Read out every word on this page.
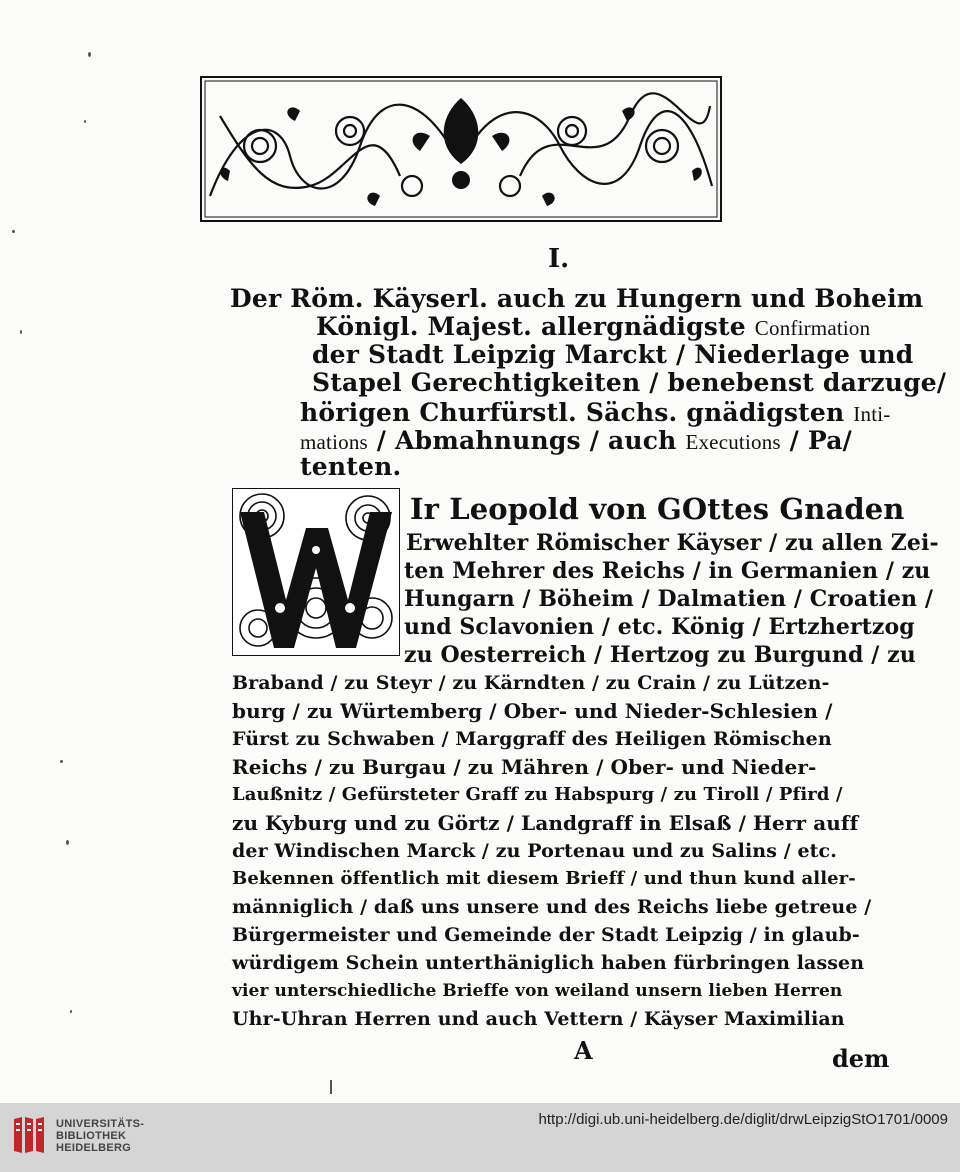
I.
Der Röm. Käyserl. auch zu Hungern und Boheim
Königl. Majest. allergnädigste Confirmation
der Stadt Leipzig Marckt / Niederlage und
Stapel Gerechtigkeiten / benebenst darzuge/
hörigen Churfürstl. Sächs. gnädigsten Inti-
mations / Abmahnungs / auch Executions / Pa/
tenten.
Ir Leopold von GOttes Gnaden
Erwehlter Römischer Käyser / zu allen Zei-
ten Mehrer des Reichs / in Germanien / zu
Hungarn / Böheim / Dalmatien / Croatien /
und Sclavonien / etc. König / Ertzhertzog
zu Oesterreich / Hertzog zu Burgund / zu
Braband / zu Steyr / zu Kärndten / zu Crain / zu Lützen-
burg / zu Würtemberg / Ober- und Nieder-Schlesien /
Fürst zu Schwaben / Marggraff des Heiligen Römischen
Reichs / zu Burgau / zu Mähren / Ober- und Nieder-
Laußnitz / Gefürsteter Graff zu Habspurg / zu Tiroll / Pfird /
zu Kyburg und zu Görtz / Landgraff in Elsaß / Herr auff
der Windischen Marck / zu Portenau und zu Salins / etc.
Bekennen öffentlich mit diesem Brieff / und thun kund aller-
männiglich / daß uns unsere und des Reichs liebe getreue /
Bürgermeister und Gemeinde der Stadt Leipzig / in glaub-
würdigem Schein unterthäniglich haben fürbringen lassen
vier unterschiedliche Brieffe von weiland unsern lieben Herren
Uhr-Uhran Herren und auch Vettern / Käyser Maximilian
A	dem
UNIVERSITÄTS-
BIBLIOTHEK
HEIDELBERG
http://digi.ub.uni-heidelberg.de/diglit/drwLeipzigStO1701/0009
